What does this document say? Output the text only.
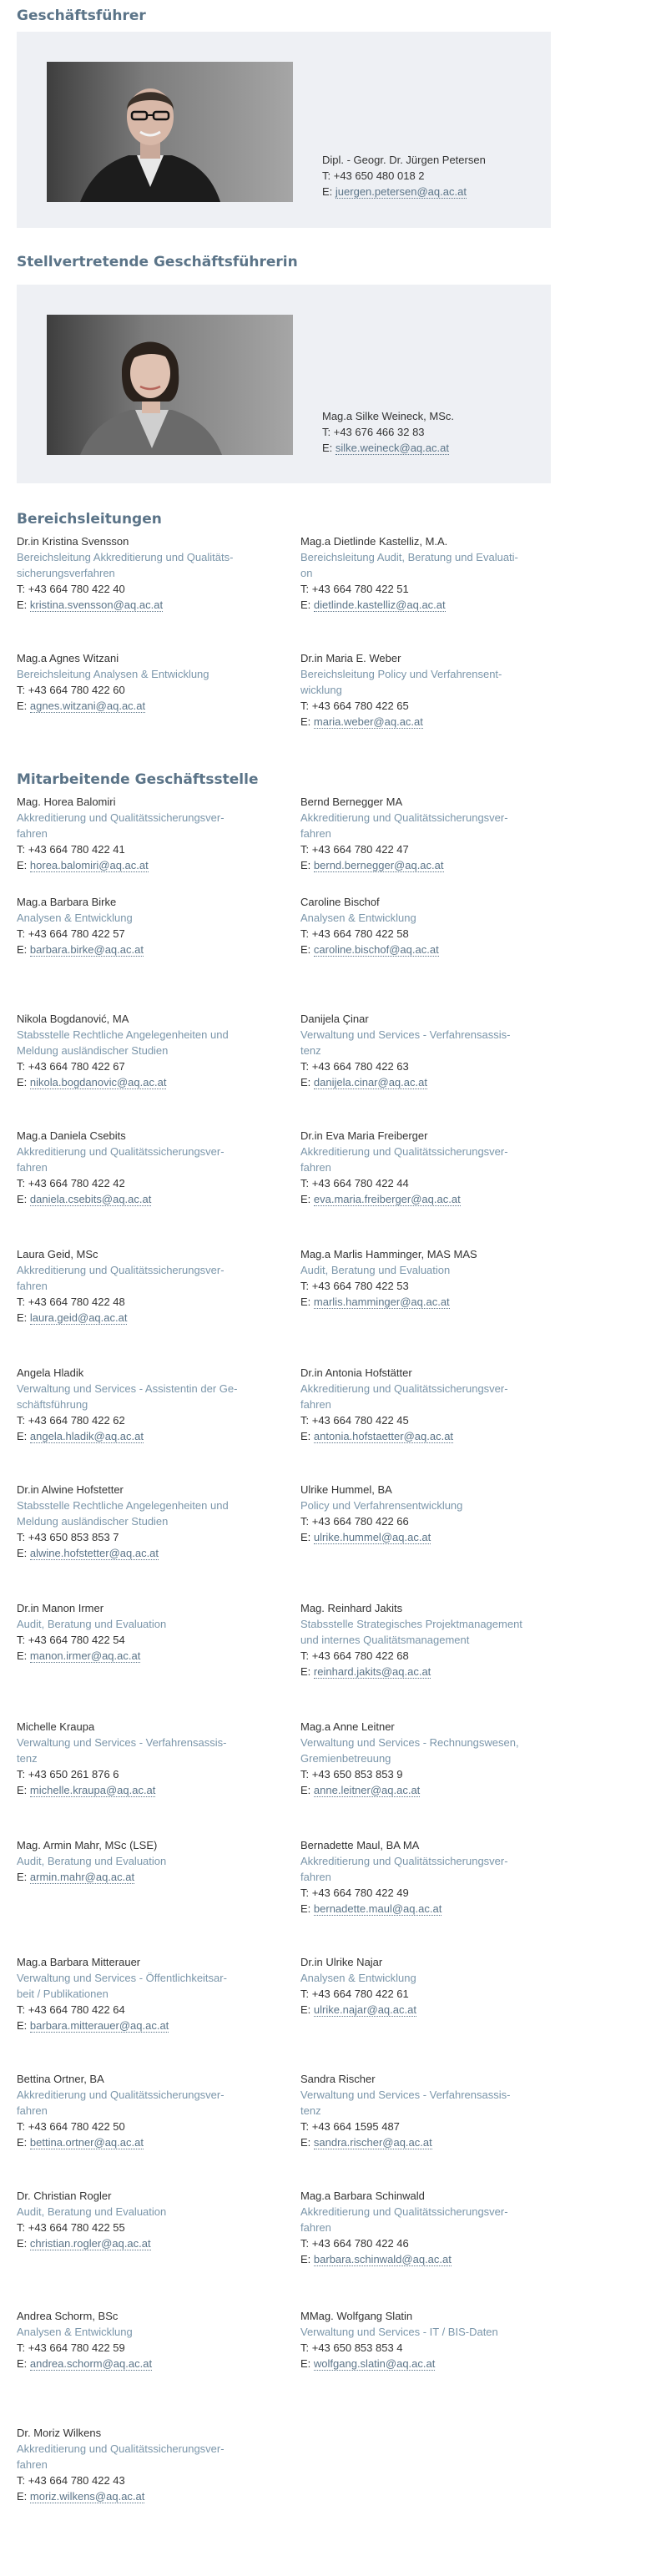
Geschäftsführer
Dipl. - Geogr. Dr. Jürgen Petersen
T: +43 650 480 018 2
E: juergen.petersen@aq.ac.at
Stellvertretende Geschäftsführerin
Mag.a Silke Weineck, MSc.
T: +43 676 466 32 83
E: silke.weineck@aq.ac.at
Bereichsleitungen
Dr.in Kristina Svensson
Bereichsleitung Akkreditierung und Qualitäts-
sicherungsverfahren
T: +43 664 780 422 40
E: kristina.svensson@aq.ac.at
Mag.a Dietlinde Kastelliz, M.A.
Bereichsleitung Audit, Beratung und Evaluati-
on
T: +43 664 780 422 51
E: dietlinde.kastelliz@aq.ac.at
Mag.a Agnes Witzani
Bereichsleitung Analysen & Entwicklung
T: +43 664 780 422 60
E: agnes.witzani@aq.ac.at
Dr.in Maria E. Weber
Bereichsleitung Policy und Verfahrensent-
wicklung
T: +43 664 780 422 65
E: maria.weber@aq.ac.at
Mitarbeitende Geschäftsstelle
Mag. Horea Balomiri
Akkreditierung und Qualitätssicherungsver-
fahren
T: +43 664 780 422 41
E: horea.balomiri@aq.ac.at
Bernd Bernegger MA
Akkreditierung und Qualitätssicherungsver-
fahren
T: +43 664 780 422 47
E: bernd.bernegger@aq.ac.at
Mag.a Barbara Birke
Analysen & Entwicklung
T: +43 664 780 422 57
E: barbara.birke@aq.ac.at
Caroline Bischof
Analysen & Entwicklung
T: +43 664 780 422 58
E: caroline.bischof@aq.ac.at
Nikola Bogdanović, MA
Stabsstelle Rechtliche Angelegenheiten und
Meldung ausländischer Studien
T: +43 664 780 422 67
E: nikola.bogdanovic@aq.ac.at
Danijela Çinar
Verwaltung und Services - Verfahrensassis-
tenz
T: +43 664 780 422 63
E: danijela.cinar@aq.ac.at
Mag.a Daniela Csebits
Akkreditierung und Qualitätssicherungsver-
fahren
T: +43 664 780 422 42
E: daniela.csebits@aq.ac.at
Dr.in Eva Maria Freiberger
Akkreditierung und Qualitätssicherungsver-
fahren
T: +43 664 780 422 44
E: eva.maria.freiberger@aq.ac.at
Laura Geid, MSc
Akkreditierung und Qualitätssicherungsver-
fahren
T: +43 664 780 422 48
E: laura.geid@aq.ac.at
Mag.a Marlis Hamminger, MAS MAS
Audit, Beratung und Evaluation
T: +43 664 780 422 53
E: marlis.hamminger@aq.ac.at
Angela Hladik
Verwaltung und Services - Assistentin der Ge-
schäftsführung
T: +43 664 780 422 62
E: angela.hladik@aq.ac.at
Dr.in Antonia Hofstätter
Akkreditierung und Qualitätssicherungsver-
fahren
T: +43 664 780 422 45
E: antonia.hofstaetter@aq.ac.at
Dr.in Alwine Hofstetter
Stabsstelle Rechtliche Angelegenheiten und
Meldung ausländischer Studien
T: +43 650 853 853 7
E: alwine.hofstetter@aq.ac.at
Ulrike Hummel, BA
Policy und Verfahrensentwicklung
T: +43 664 780 422 66
E: ulrike.hummel@aq.ac.at
Dr.in Manon Irmer
Audit, Beratung und Evaluation
T: +43 664 780 422 54
E: manon.irmer@aq.ac.at
Mag. Reinhard Jakits
Stabsstelle Strategisches Projektmanagement
und internes Qualitätsmanagement
T: +43 664 780 422 68
E: reinhard.jakits@aq.ac.at
Michelle Kraupa
Verwaltung und Services - Verfahrensassis-
tenz
T: +43 650 261 876 6
E: michelle.kraupa@aq.ac.at
Mag.a Anne Leitner
Verwaltung und Services - Rechnungswesen,
Gremienbetreuung
T: +43 650 853 853 9
E: anne.leitner@aq.ac.at
Mag. Armin Mahr, MSc (LSE)
Audit, Beratung und Evaluation
E: armin.mahr@aq.ac.at
Bernadette Maul, BA MA
Akkreditierung und Qualitätssicherungsver-
fahren
T: +43 664 780 422 49
E: bernadette.maul@aq.ac.at
Mag.a Barbara Mitterauer
Verwaltung und Services - Öffentlichkeitsar-
beit / Publikationen
T: +43 664 780 422 64
E: barbara.mitterauer@aq.ac.at
Dr.in Ulrike Najar
Analysen & Entwicklung
T: +43 664 780 422 61
E: ulrike.najar@aq.ac.at
Bettina Ortner, BA
Akkreditierung und Qualitätssicherungsver-
fahren
T: +43 664 780 422 50
E: bettina.ortner@aq.ac.at
Sandra Rischer
Verwaltung und Services - Verfahrensassis-
tenz
T: +43 664 1595 487
E: sandra.rischer@aq.ac.at
Dr. Christian Rogler
Audit, Beratung und Evaluation
T: +43 664 780 422 55
E: christian.rogler@aq.ac.at
Mag.a Barbara Schinwald
Akkreditierung und Qualitätssicherungsver-
fahren
T: +43 664 780 422 46
E: barbara.schinwald@aq.ac.at
Andrea Schorm, BSc
Analysen & Entwicklung
T: +43 664 780 422 59
E: andrea.schorm@aq.ac.at
MMag. Wolfgang Slatin
Verwaltung und Services - IT / BIS-Daten
T: +43 650 853 853 4
E: wolfgang.slatin@aq.ac.at
Dr. Moriz Wilkens
Akkreditierung und Qualitätssicherungsver-
fahren
T: +43 664 780 422 43
E: moriz.wilkens@aq.ac.at
